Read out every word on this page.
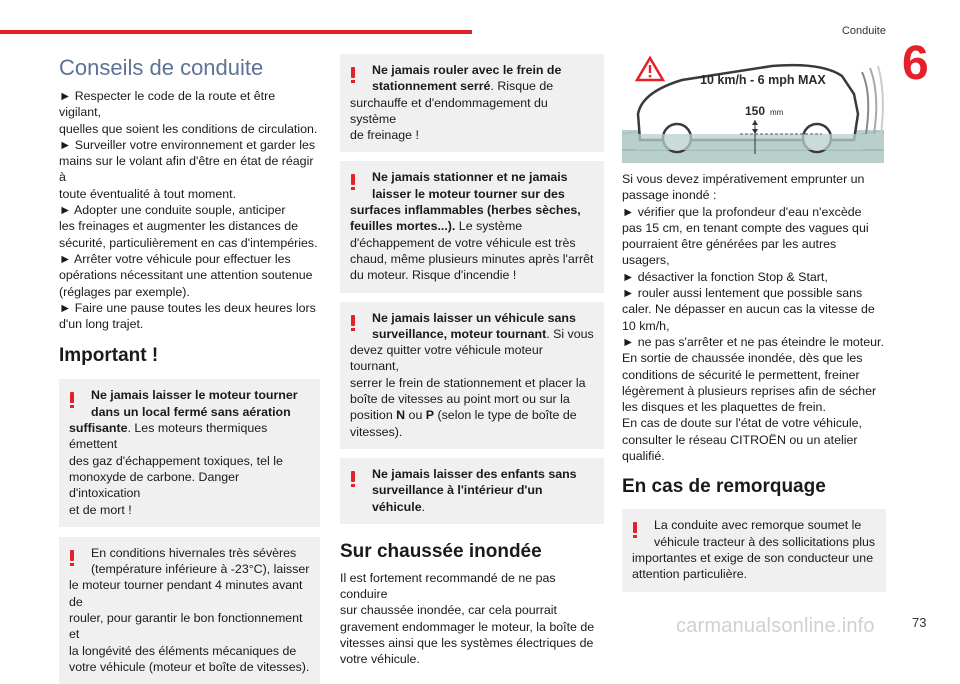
Conduite
6
Conseils de conduite
► Respecter le code de la route et être vigilant,
quelles que soient les conditions de circulation.
► Surveiller votre environnement et garder les
mains sur le volant afin d'être en état de réagir à
toute éventualité à tout moment.
► Adopter une conduite souple, anticiper
les freinages et augmenter les distances de
sécurité, particulièrement en cas d'intempéries.
► Arrêter votre véhicule pour effectuer les
opérations nécessitant une attention soutenue
(réglages par exemple).
► Faire une pause toutes les deux heures lors
d'un long trajet.
Important !
Ne jamais laisser le moteur tourner
dans un local fermé sans aération
suffisante. Les moteurs thermiques émettent
des gaz d'échappement toxiques, tel le
monoxyde de carbone. Danger d'intoxication
et de mort !
En conditions hivernales très sévères
(température inférieure à -23°C), laisser
le moteur tourner pendant 4 minutes avant de
rouler, pour garantir le bon fonctionnement et
la longévité des éléments mécaniques de
votre véhicule (moteur et boîte de vitesses).
Ne jamais rouler avec le frein de
stationnement serré. Risque de
surchauffe et d'endommagement du système
de freinage !
Ne jamais stationner et ne jamais
laisser le moteur tourner sur des
surfaces inflammables (herbes sèches,
feuilles mortes...). Le système
d'échappement de votre véhicule est très
chaud, même plusieurs minutes après l'arrêt
du moteur. Risque d'incendie !
Ne jamais laisser un véhicule sans
surveillance, moteur tournant. Si vous
devez quitter votre véhicule moteur tournant,
serrer le frein de stationnement et placer la
boîte de vitesses au point mort ou sur la
position N ou P (selon le type de boîte de
vitesses).
Ne jamais laisser des enfants sans
surveillance à l'intérieur d'un véhicule.
Sur chaussée inondée
Il est fortement recommandé de ne pas conduire
sur chaussée inondée, car cela pourrait
gravement endommager le moteur, la boîte de
vitesses ainsi que les systèmes électriques de
votre véhicule.
10 km/h - 6 mph MAX
150 mm
Si vous devez impérativement emprunter un
passage inondé :
► vérifier que la profondeur d'eau n'excède
pas 15 cm, en tenant compte des vagues qui
pourraient être générées par les autres usagers,
► désactiver la fonction Stop & Start,
► rouler aussi lentement que possible sans
caler. Ne dépasser en aucun cas la vitesse de
10 km/h,
► ne pas s'arrêter et ne pas éteindre le moteur.
En sortie de chaussée inondée, dès que les
conditions de sécurité le permettent, freiner
légèrement à plusieurs reprises afin de sécher
les disques et les plaquettes de frein.
En cas de doute sur l'état de votre véhicule,
consulter le réseau CITROËN ou un atelier
qualifié.
En cas de remorquage
La conduite avec remorque soumet le
véhicule tracteur à des sollicitations plus
importantes et exige de son conducteur une
attention particulière.
carmanualsonline.info	73
